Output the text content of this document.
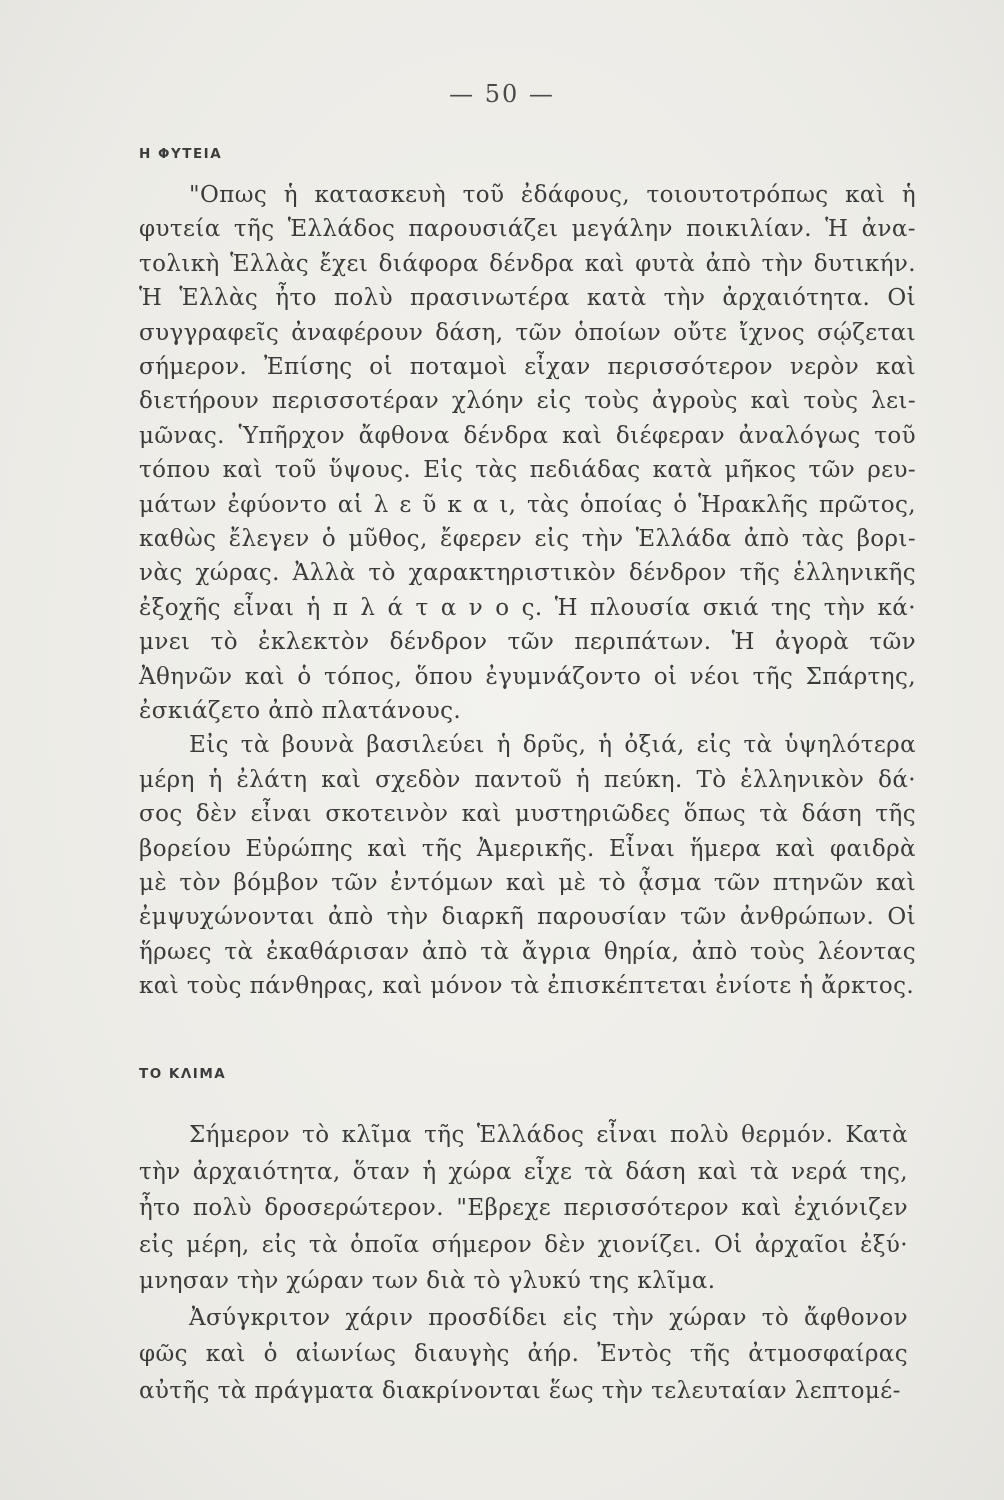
— 50 —
Η ΦΥΤΕΙΑ
"Οπως ἡ κατασκευὴ τοῦ ἐδάφους, τοιουτοτρόπως καὶ ἡ
φυτεία τῆς Ἑλλάδος παρουσιάζει μεγάλην ποικιλίαν. Ἡ ἀνα-
τολικὴ Ἑλλὰς ἔχει διάφορα δένδρα καὶ φυτὰ ἀπὸ τὴν δυτικήν.
Ἡ Ἑλλὰς ἦτο πολὺ πρασινωτέρα κατὰ τὴν ἀρχαιότητα. Οἱ
συγγραφεῖς ἀναφέρουν δάση, τῶν ὁποίων οὔτε ἴχνος σῴζεται
σήμερον. Ἐπίσης οἱ ποταμοὶ εἶχαν περισσότερον νερὸν καὶ
διετήρουν περισσοτέραν χλόην εἰς τοὺς ἀγροὺς καὶ τοὺς λει-
μῶνας. Ὑπῆρχον ἄφθονα δένδρα καὶ διέφεραν ἀναλόγως τοῦ
τόπου καὶ τοῦ ὕψους. Εἰς τὰς πεδιάδας κατὰ μῆκος τῶν ρευ-
μάτων ἐφύοντο αἱ λ ε ῦ κ α ι, τὰς ὁποίας ὁ Ἡρακλῆς πρῶτος,
καθὼς ἔλεγεν ὁ μῦθος, ἔφερεν εἰς τὴν Ἑλλάδα ἀπὸ τὰς βορι-
νὰς χώρας. Ἀλλὰ τὸ χαρακτηριστικὸν δένδρον τῆς ἑλληνικῆς
ἐξοχῆς εἶναι ἡ π λ ά τ α ν ο ς. Ἡ πλουσία σκιά της τὴν κά·
μνει τὸ ἐκλεκτὸν δένδρον τῶν περιπάτων. Ἡ ἀγορὰ τῶν
Ἀθηνῶν καὶ ὁ τόπος, ὅπου ἐγυμνάζοντο οἱ νέοι τῆς Σπάρτης,
ἐσκιάζετο ἀπὸ πλατάνους.
Εἰς τὰ βουνὰ βασιλεύει ἡ δρῦς, ἡ ὀξιά, εἰς τὰ ὑψηλότερα
μέρη ἡ ἐλάτη καὶ σχεδὸν παντοῦ ἡ πεύκη. Τὸ ἑλληνικὸν δά·
σος δὲν εἶναι σκοτεινὸν καὶ μυστηριῶδες ὅπως τὰ δάση τῆς
βορείου Εὐρώπης καὶ τῆς Ἀμερικῆς. Εἶναι ἥμερα καὶ φαιδρὰ
μὲ τὸν βόμβον τῶν ἐντόμων καὶ μὲ τὸ ᾆσμα τῶν πτηνῶν καὶ
ἐμψυχώνονται ἀπὸ τὴν διαρκῆ παρουσίαν τῶν ἀνθρώπων. Οἱ
ἥρωες τὰ ἐκαθάρισαν ἀπὸ τὰ ἄγρια θηρία, ἀπὸ τοὺς λέοντας
καὶ τοὺς πάνθηρας, καὶ μόνον τὰ ἐπισκέπτεται ἐνίοτε ἡ ἄρκτος.
ΤΟ ΚΛΙΜΑ
Σήμερον τὸ κλῖμα τῆς Ἑλλάδος εἶναι πολὺ θερμόν. Κατὰ
τὴν ἀρχαιότητα, ὅταν ἡ χώρα εἶχε τὰ δάση καὶ τὰ νερά της,
ἦτο πολὺ δροσερώτερον. "Εβρεχε περισσότερον καὶ ἐχιόνιζεν
εἰς μέρη, εἰς τὰ ὁποῖα σήμερον δὲν χιονίζει. Οἱ ἀρχαῖοι ἐξύ·
μνησαν τὴν χώραν των διὰ τὸ γλυκύ της κλῖμα.
Ἀσύγκριτον χάριν προσδίδει εἰς τὴν χώραν τὸ ἄφθονον
φῶς καὶ ὁ αἰωνίως διαυγὴς ἀήρ. Ἐντὸς τῆς ἀτμοσφαίρας
αὐτῆς τὰ πράγματα διακρίνονται ἕως τὴν τελευταίαν λεπτομέ-
